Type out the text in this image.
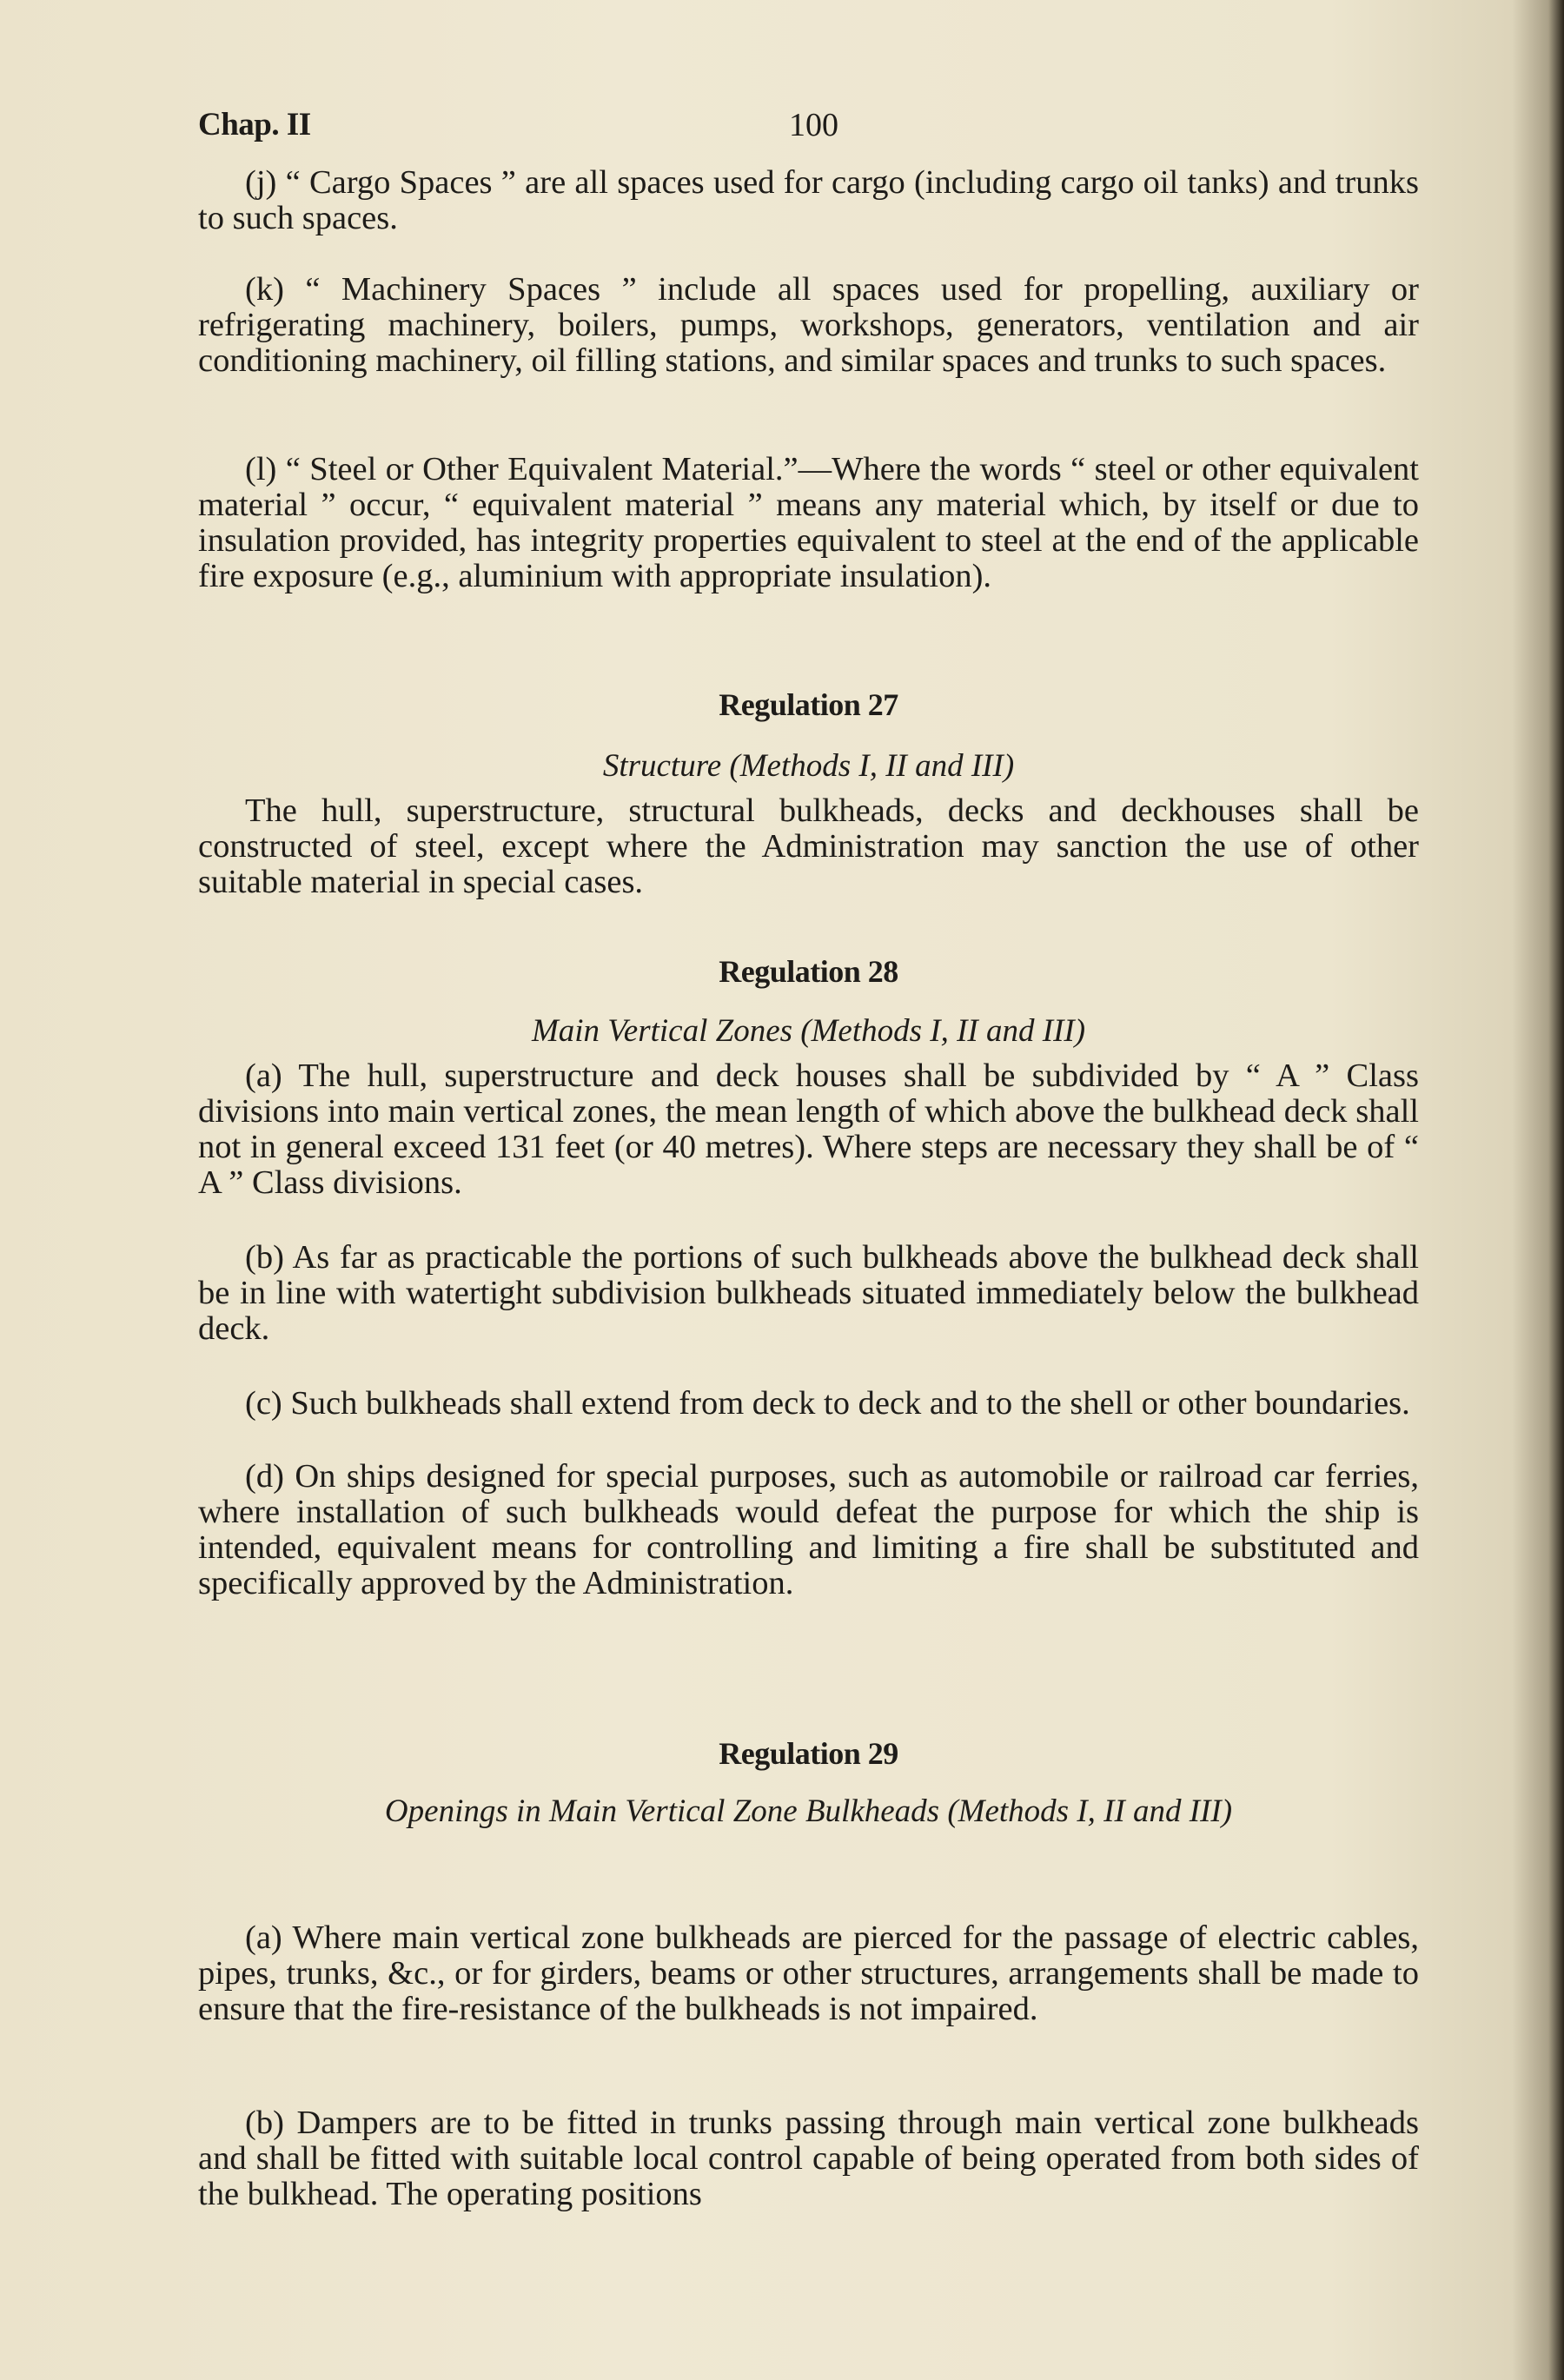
Chap. II	100

(j) “ Cargo Spaces ” are all spaces used for cargo (including cargo oil tanks) and trunks to such spaces.

(k) “ Machinery Spaces ” include all spaces used for propelling, auxiliary or refrigerating machinery, boilers, pumps, workshops, generators, ventilation and air conditioning machinery, oil filling stations, and similar spaces and trunks to such spaces.

(l) “ Steel or Other Equivalent Material.”—Where the words “ steel or other equivalent material ” occur, “ equivalent material ” means any material which, by itself or due to insulation provided, has integrity properties equivalent to steel at the end of the applicable fire exposure (e.g., aluminium with appropriate insulation).

Regulation 27
Structure (Methods I, II and III)

The hull, superstructure, structural bulkheads, decks and deckhouses shall be constructed of steel, except where the Administration may sanction the use of other suitable material in special cases.

Regulation 28
Main Vertical Zones (Methods I, II and III)

(a) The hull, superstructure and deck houses shall be subdivided by “ A ” Class divisions into main vertical zones, the mean length of which above the bulkhead deck shall not in general exceed 131 feet (or 40 metres). Where steps are necessary they shall be of “ A ” Class divisions.

(b) As far as practicable the portions of such bulkheads above the bulkhead deck shall be in line with watertight subdivision bulkheads situated immediately below the bulkhead deck.

(c) Such bulkheads shall extend from deck to deck and to the shell or other boundaries.

(d) On ships designed for special purposes, such as automobile or railroad car ferries, where installation of such bulkheads would defeat the purpose for which the ship is intended, equivalent means for controlling and limiting a fire shall be substituted and specifically approved by the Administration.

Regulation 29
Openings in Main Vertical Zone Bulkheads (Methods I, II and III)

(a) Where main vertical zone bulkheads are pierced for the passage of electric cables, pipes, trunks, &c., or for girders, beams or other structures, arrangements shall be made to ensure that the fire-resistance of the bulkheads is not impaired.

(b) Dampers are to be fitted in trunks passing through main vertical zone bulkheads and shall be fitted with suitable local control capable of being operated from both sides of the bulkhead. The operating positions
